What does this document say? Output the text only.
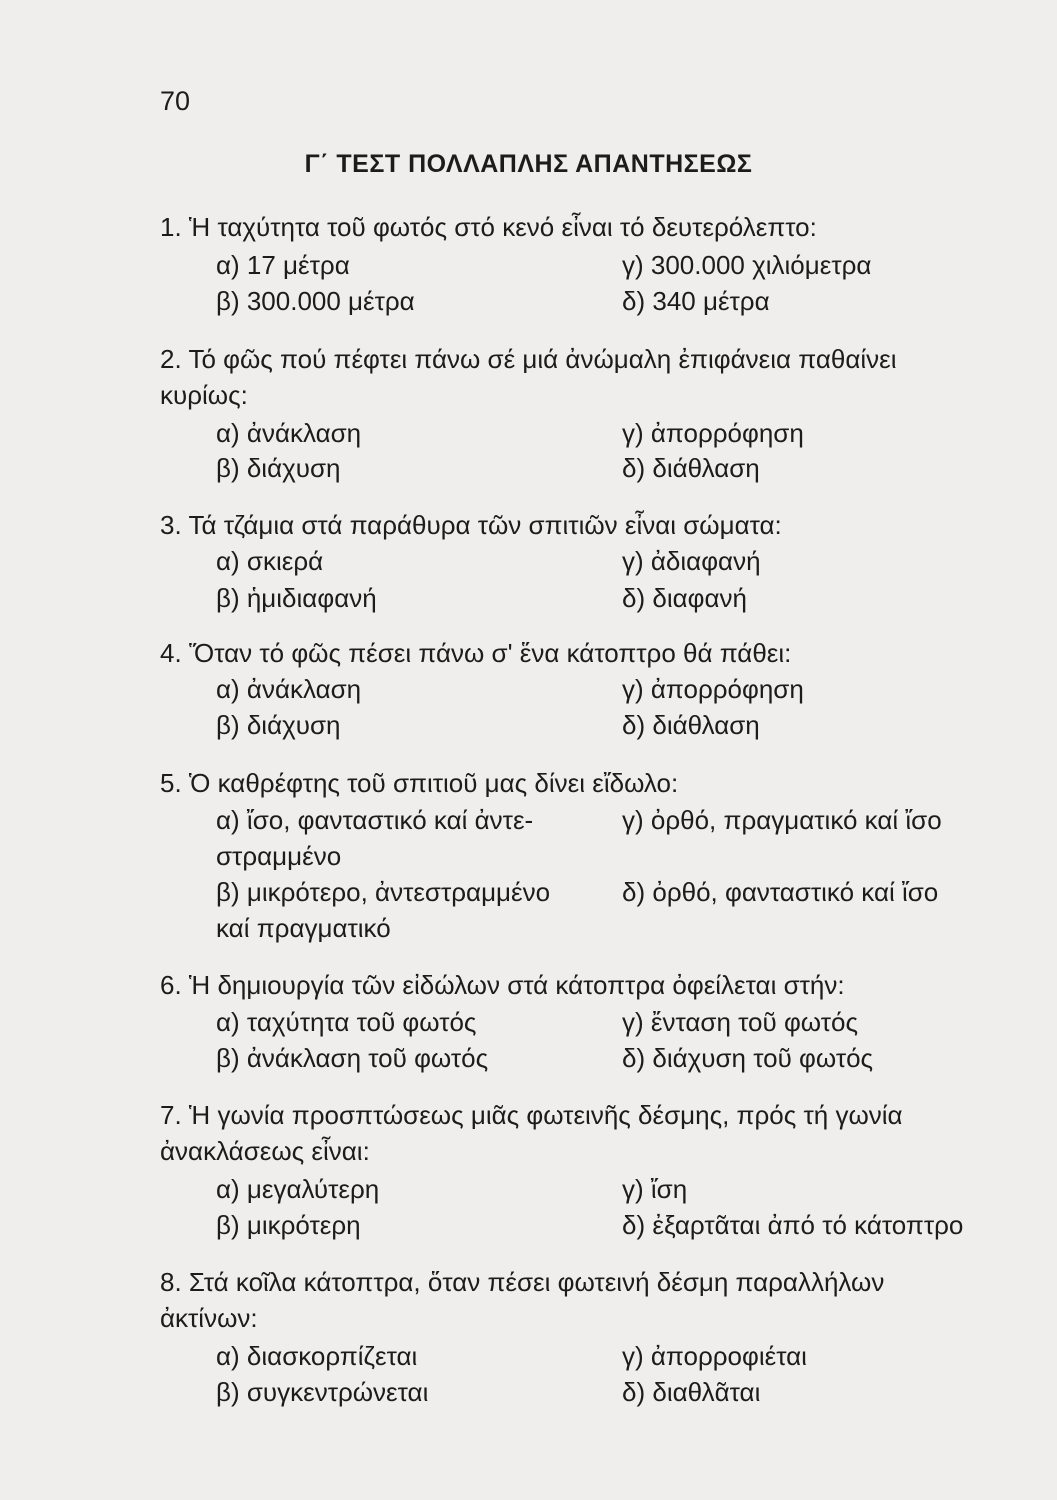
70
Γ΄ ΤΕΣΤ ΠΟΛΛΑΠΛΗΣ ΑΠΑΝΤΗΣΕΩΣ
1. Ἡ ταχύτητα τοῦ φωτός στό κενό εἶναι τό δευτερόλεπτο:
α) 17 μέτρα	γ) 300.000 χιλιόμετρα
β) 300.000 μέτρα	δ) 340 μέτρα
2. Τό φῶς πού πέφτει πάνω σέ μιά ἀνώμαλη ἐπιφάνεια παθαίνει
κυρίως:
α) ἀνάκλαση	γ) ἀπορρόφηση
β) διάχυση	δ) διάθλαση
3. Τά τζάμια στά παράθυρα τῶν σπιτιῶν εἶναι σώματα:
α) σκιερά	γ) ἀδιαφανή
β) ἡμιδιαφανή	δ) διαφανή
4. Ὅταν τό φῶς πέσει πάνω σ' ἕνα κάτοπτρο θά πάθει:
α) ἀνάκλαση	γ) ἀπορρόφηση
β) διάχυση	δ) διάθλαση
5. Ὁ καθρέφτης τοῦ σπιτιοῦ μας δίνει εἴδωλο:
α) ἴσο, φανταστικό καί ἀντε-	γ) ὀρθό, πραγματικό καί ἴσο
στραμμένο
β) μικρότερο, ἀντεστραμμένο	δ) ὀρθό, φανταστικό καί ἴσο
καί πραγματικό
6. Ἡ δημιουργία τῶν εἰδώλων στά κάτοπτρα ὀφείλεται στήν:
α) ταχύτητα τοῦ φωτός	γ) ἔνταση τοῦ φωτός
β) ἀνάκλαση τοῦ φωτός	δ) διάχυση τοῦ φωτός
7. Ἡ γωνία προσπτώσεως μιᾶς φωτεινῆς δέσμης, πρός τή γωνία
ἀνακλάσεως εἶναι:
α) μεγαλύτερη	γ) ἴση
β) μικρότερη	δ) ἐξαρτᾶται ἀπό τό κάτοπτρο
8. Στά κοῖλα κάτοπτρα, ὅταν πέσει φωτεινή δέσμη παραλλήλων
ἀκτίνων:
α) διασκορπίζεται	γ) ἀπορροφιέται
β) συγκεντρώνεται	δ) διαθλᾶται
